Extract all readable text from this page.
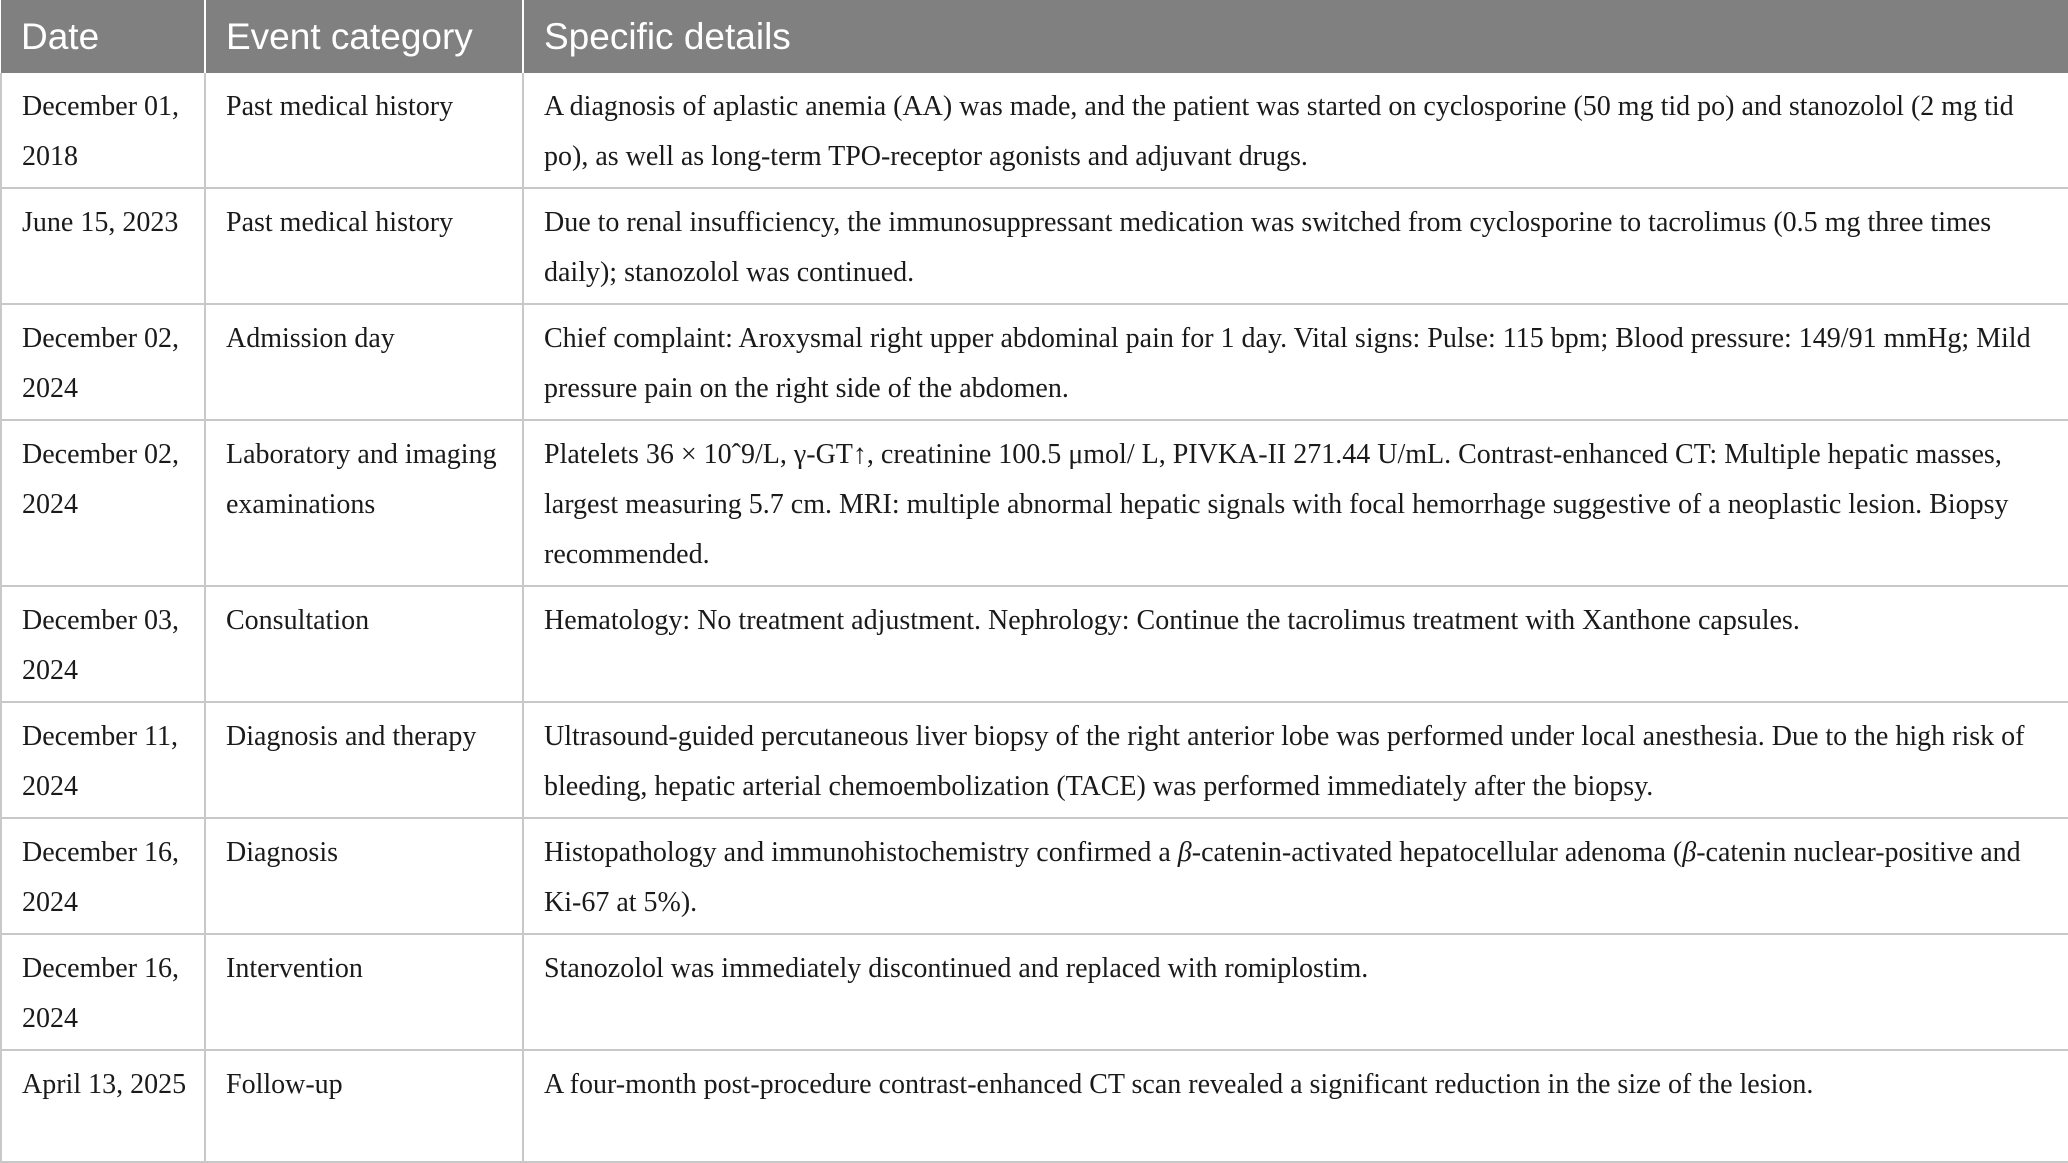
Date	Event category	Specific details
December 01, 2018	Past medical history	A diagnosis of aplastic anemia (AA) was made, and the patient was started on cyclosporine (50 mg tid po) and stanozolol (2 mg tid po), as well as long-term TPO-receptor agonists and adjuvant drugs.
June 15, 2023	Past medical history	Due to renal insufficiency, the immunosuppressant medication was switched from cyclosporine to tacrolimus (0.5 mg three times daily); stanozolol was continued.
December 02, 2024	Admission day	Chief complaint: Aroxysmal right upper abdominal pain for 1 day. Vital signs: Pulse: 115 bpm; Blood pressure: 149/91 mmHg; Mild pressure pain on the right side of the abdomen.
December 02, 2024	Laboratory and imaging examinations	Platelets 36 × 10ˆ9/L, γ-GT↑, creatinine 100.5 μmol/ L, PIVKA-II 271.44 U/mL. Contrast-enhanced CT: Multiple hepatic masses, largest measuring 5.7 cm. MRI: multiple abnormal hepatic signals with focal hemorrhage suggestive of a neoplastic lesion. Biopsy recommended.
December 03, 2024	Consultation	Hematology: No treatment adjustment. Nephrology: Continue the tacrolimus treatment with Xanthone capsules.
December 11, 2024	Diagnosis and therapy	Ultrasound-guided percutaneous liver biopsy of the right anterior lobe was performed under local anesthesia. Due to the high risk of bleeding, hepatic arterial chemoembolization (TACE) was performed immediately after the biopsy.
December 16, 2024	Diagnosis	Histopathology and immunohistochemistry confirmed a β-catenin-activated hepatocellular adenoma (β-catenin nuclear-positive and Ki-67 at 5%).
December 16, 2024	Intervention	Stanozolol was immediately discontinued and replaced with romiplostim.
April 13, 2025	Follow-up	A four-month post-procedure contrast-enhanced CT scan revealed a significant reduction in the size of the lesion.
